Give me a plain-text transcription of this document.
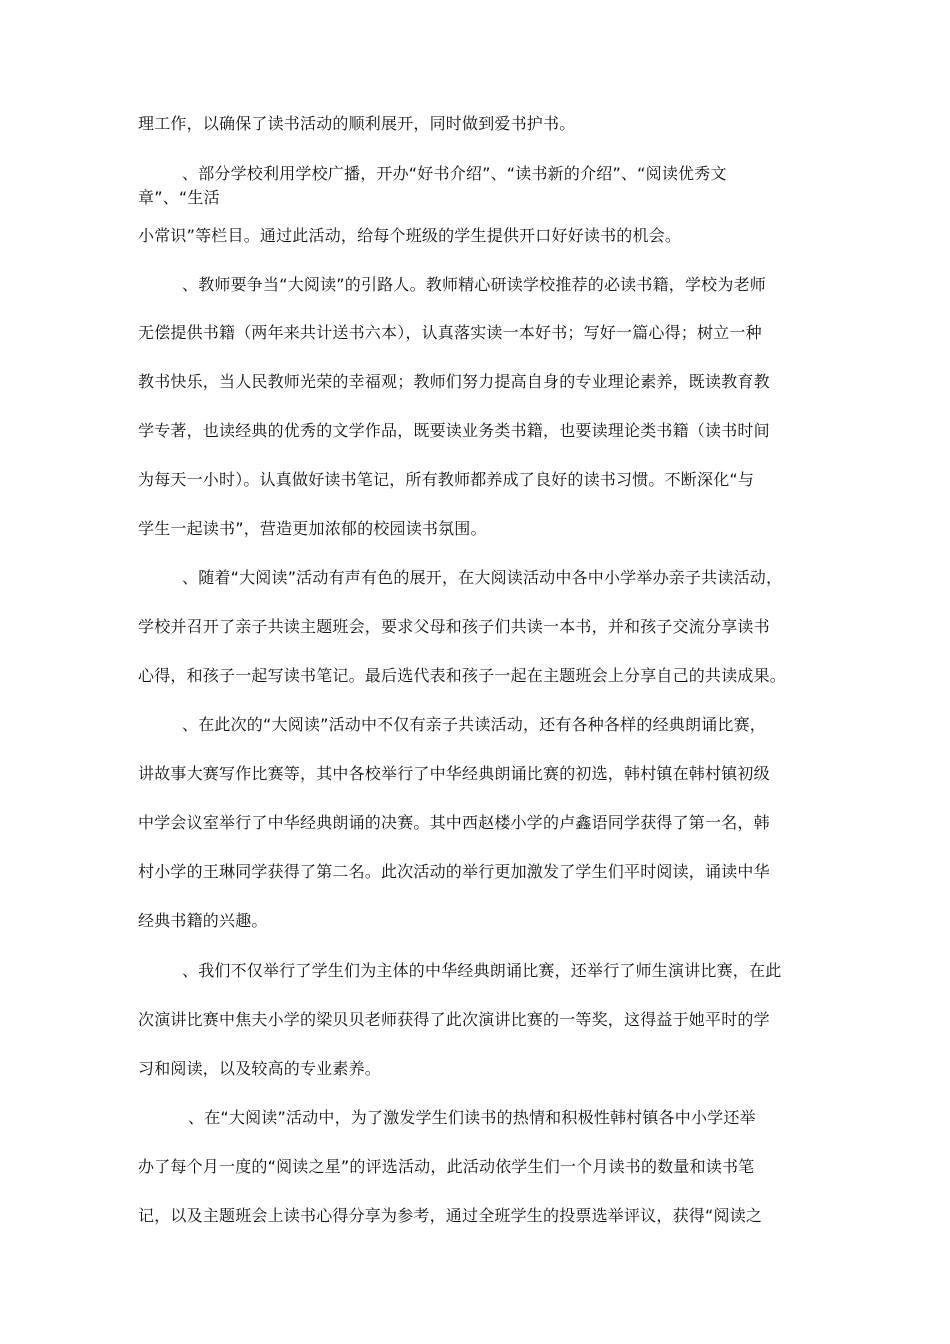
理工作，以确保了读书活动的顺利展开，同时做到爱书护书。
、部分学校利用学校广播，开办“好书介绍”、“读书新的介绍”、“阅读优秀文
章”、“生活
小常识”等栏目。通过此活动，给每个班级的学生提供开口好好读书的机会。
、教师要争当“大阅读”的引路人。教师精心研读学校推荐的必读书籍，学校为老师
无偿提供书籍（两年来共计送书六本），认真落实读一本好书；写好一篇心得；树立一种
教书快乐，当人民教师光荣的幸福观；教师们努力提高自身的专业理论素养，既读教育教
学专著，也读经典的优秀的文学作品，既要读业务类书籍，也要读理论类书籍（读书时间
为每天一小时）。认真做好读书笔记，所有教师都养成了良好的读书习惯。不断深化“与
学生一起读书”，营造更加浓郁的校园读书氛围。
、随着“大阅读”活动有声有色的展开，在大阅读活动中各中小学举办亲子共读活动，
学校并召开了亲子共读主题班会，要求父母和孩子们共读一本书，并和孩子交流分享读书
心得，和孩子一起写读书笔记。最后选代表和孩子一起在主题班会上分享自己的共读成果。
、在此次的“大阅读”活动中不仅有亲子共读活动，还有各种各样的经典朗诵比赛，
讲故事大赛写作比赛等，其中各校举行了中华经典朗诵比赛的初选，韩村镇在韩村镇初级
中学会议室举行了中华经典朗诵的决赛。其中西赵楼小学的卢鑫语同学获得了第一名，韩
村小学的王琳同学获得了第二名。此次活动的举行更加激发了学生们平时阅读，诵读中华
经典书籍的兴趣。
、我们不仅举行了学生们为主体的中华经典朗诵比赛，还举行了师生演讲比赛，在此
次演讲比赛中焦夫小学的梁贝贝老师获得了此次演讲比赛的一等奖，这得益于她平时的学
习和阅读，以及较高的专业素养。
、在“大阅读”活动中，为了激发学生们读书的热情和积极性韩村镇各中小学还举
办了每个月一度的“阅读之星”的评选活动，此活动依学生们一个月读书的数量和读书笔
记，以及主题班会上读书心得分享为参考，通过全班学生的投票选举评议，获得“阅读之
